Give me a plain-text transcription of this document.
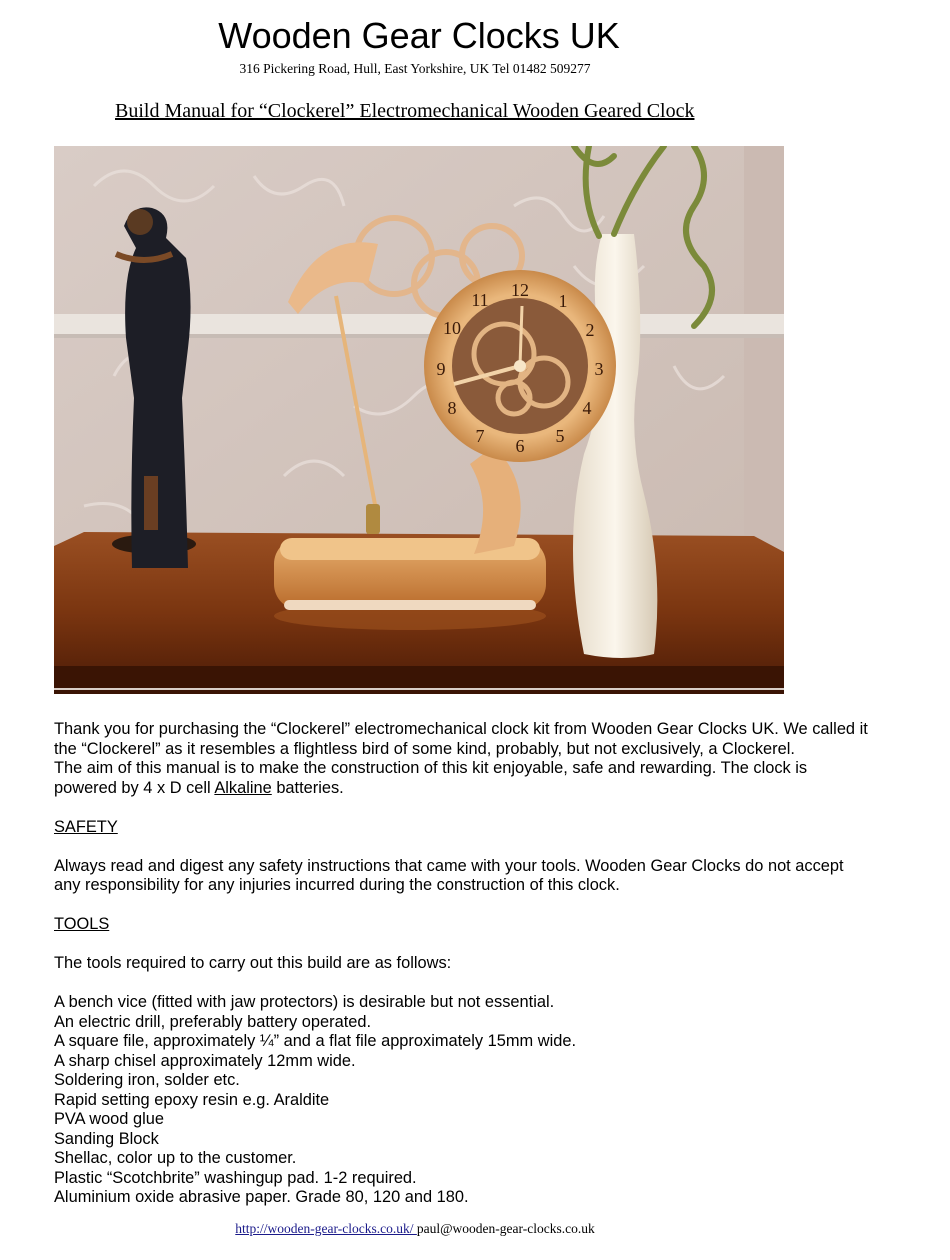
Wooden Gear Clocks UK
316 Pickering Road, Hull, East Yorkshire, UK Tel 01482 509277
Build Manual for “Clockerel” Electromechanical Wooden Geared Clock
12
1
2
3
4
5
6
7
8
9
10
11

Thank you for purchasing the “Clockerel” electromechanical clock kit from Wooden Gear Clocks UK. We called it

the “Clockerel” as it resembles a flightless bird of some kind, probably, but not exclusively, a Clockerel.

The aim of this manual is to make the construction of this kit enjoyable, safe and rewarding. The clock is

powered by 4 x D cell Alkaline batteries.

SAFETY

Always read and digest any safety instructions that came with your tools. Wooden Gear Clocks do not accept

any responsibility for any injuries incurred during the construction of this clock.

TOOLS

The tools required to carry out this build are as follows:

A bench vice (fitted with jaw protectors) is desirable but not essential.

An electric drill, preferably battery operated.

A square file, approximately ¼” and a flat file approximately 15mm wide.

A sharp chisel approximately 12mm wide.

Soldering iron, solder etc.

Rapid setting epoxy resin e.g. Araldite

PVA wood glue

Sanding Block

Shellac, color up to the customer.

Plastic “Scotchbrite” washingup pad. 1-2 required.

Aluminium oxide abrasive paper. Grade 80, 120 and 180.

http://wooden-gear-clocks.co.uk/ paul@wooden-gear-clocks.co.uk
